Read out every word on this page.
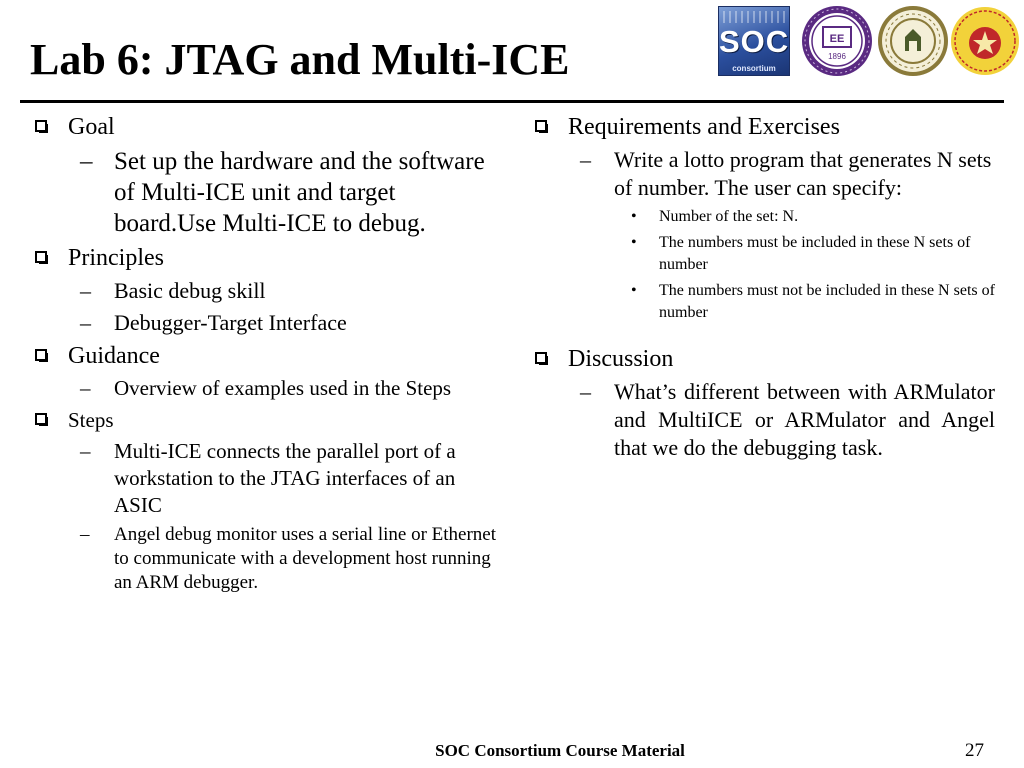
Lab 6: JTAG and Multi-ICE	SOC
consortium
EE
1896
Goal
– Set up the hardware and the software of Multi-ICE unit and target board.Use Multi-ICE to debug.
Principles
– Basic debug skill
– Debugger-Target Interface
Guidance
– Overview of examples used in the Steps
Steps
– Multi-ICE connects the parallel port of a workstation to the JTAG interfaces of an ASIC
– Angel debug monitor uses a serial line or Ethernet to communicate with a development host running an ARM debugger.
Requirements and Exercises
– Write a lotto program that generates N sets of number. The user can specify:
• Number of the set: N.
• The numbers must be included in these N sets of number
• The numbers must not be included in these N sets of number
Discussion
– What’s different between with ARMulator and MultiICE or ARMulator and Angel that we do the debugging task.
SOC Consortium Course Material	27
